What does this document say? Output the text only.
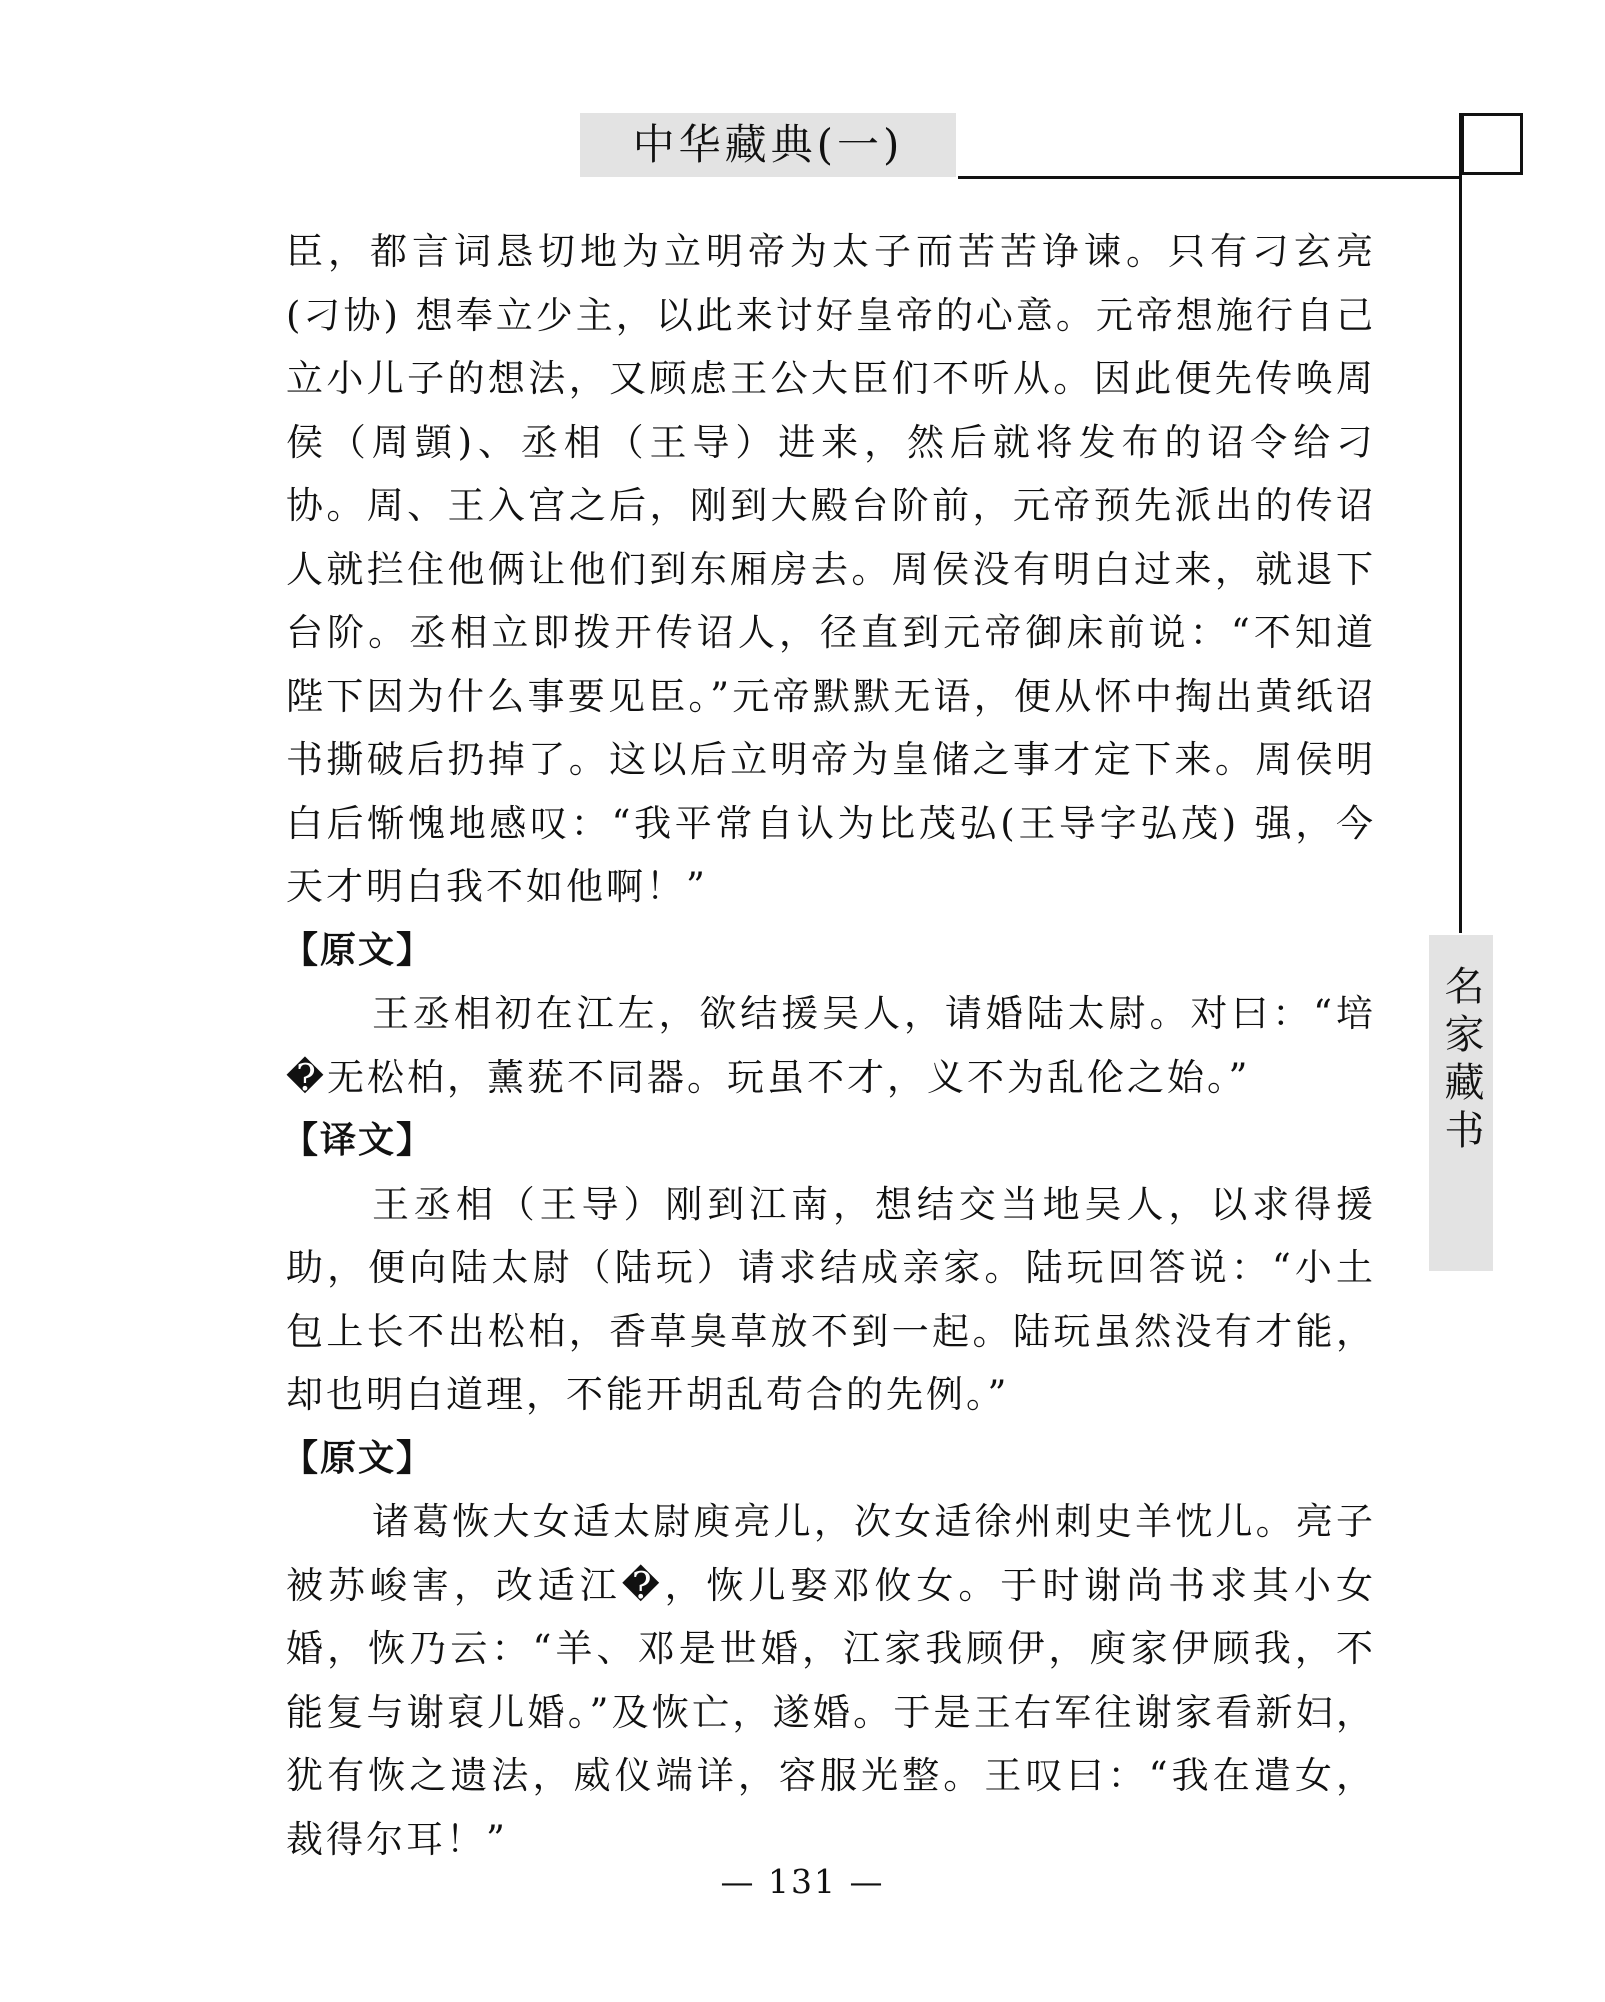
中华藏典(一)
名家藏书

臣，都言词恳切地为立明帝为太子而苦苦诤谏。只有刁玄亮(刁协) 想奉立少主，以此来讨好皇帝的心意。元帝想施行自己立小儿子的想法，又顾虑王公大臣们不听从。因此便先传唤周侯（周顗)、丞相（王导）进来，然后就将发布的诏令给刁协。周、王入宫之后，刚到大殿台阶前，元帝预先派出的传诏人就拦住他俩让他们到东厢房去。周侯没有明白过来，就退下台阶。丞相立即拨开传诏人，径直到元帝御床前说：“不知道陛下因为什么事要见臣。”元帝默默无语，便从怀中掏出黄纸诏书撕破后扔掉了。这以后立明帝为皇储之事才定下来。周侯明白后惭愧地感叹：“我平常自认为比茂弘(王导字弘茂) 强，今天才明白我不如他啊！”

【原文】

王丞相初在江左，欲结援吴人，请婚陆太尉。对曰：“培�无松柏，薰莸不同器。玩虽不才，义不为乱伦之始。”

【译文】

王丞相（王导）刚到江南，想结交当地吴人，以求得援助，便向陆太尉（陆玩）请求结成亲家。陆玩回答说：“小土包上长不出松柏，香草臭草放不到一起。陆玩虽然没有才能，却也明白道理，不能开胡乱苟合的先例。”

【原文】

诸葛恢大女适太尉庾亮儿，次女适徐州刺史羊忱儿。亮子被苏峻害，改适江�，恢儿娶邓攸女。于时谢尚书求其小女婚，恢乃云：“羊、邓是世婚，江家我顾伊，庾家伊顾我，不能复与谢裒儿婚。”及恢亡，遂婚。于是王右军往谢家看新妇，犹有恢之遗法，威仪端详，容服光整。王叹曰：“我在遣女，裁得尔耳！”

— 131 —
